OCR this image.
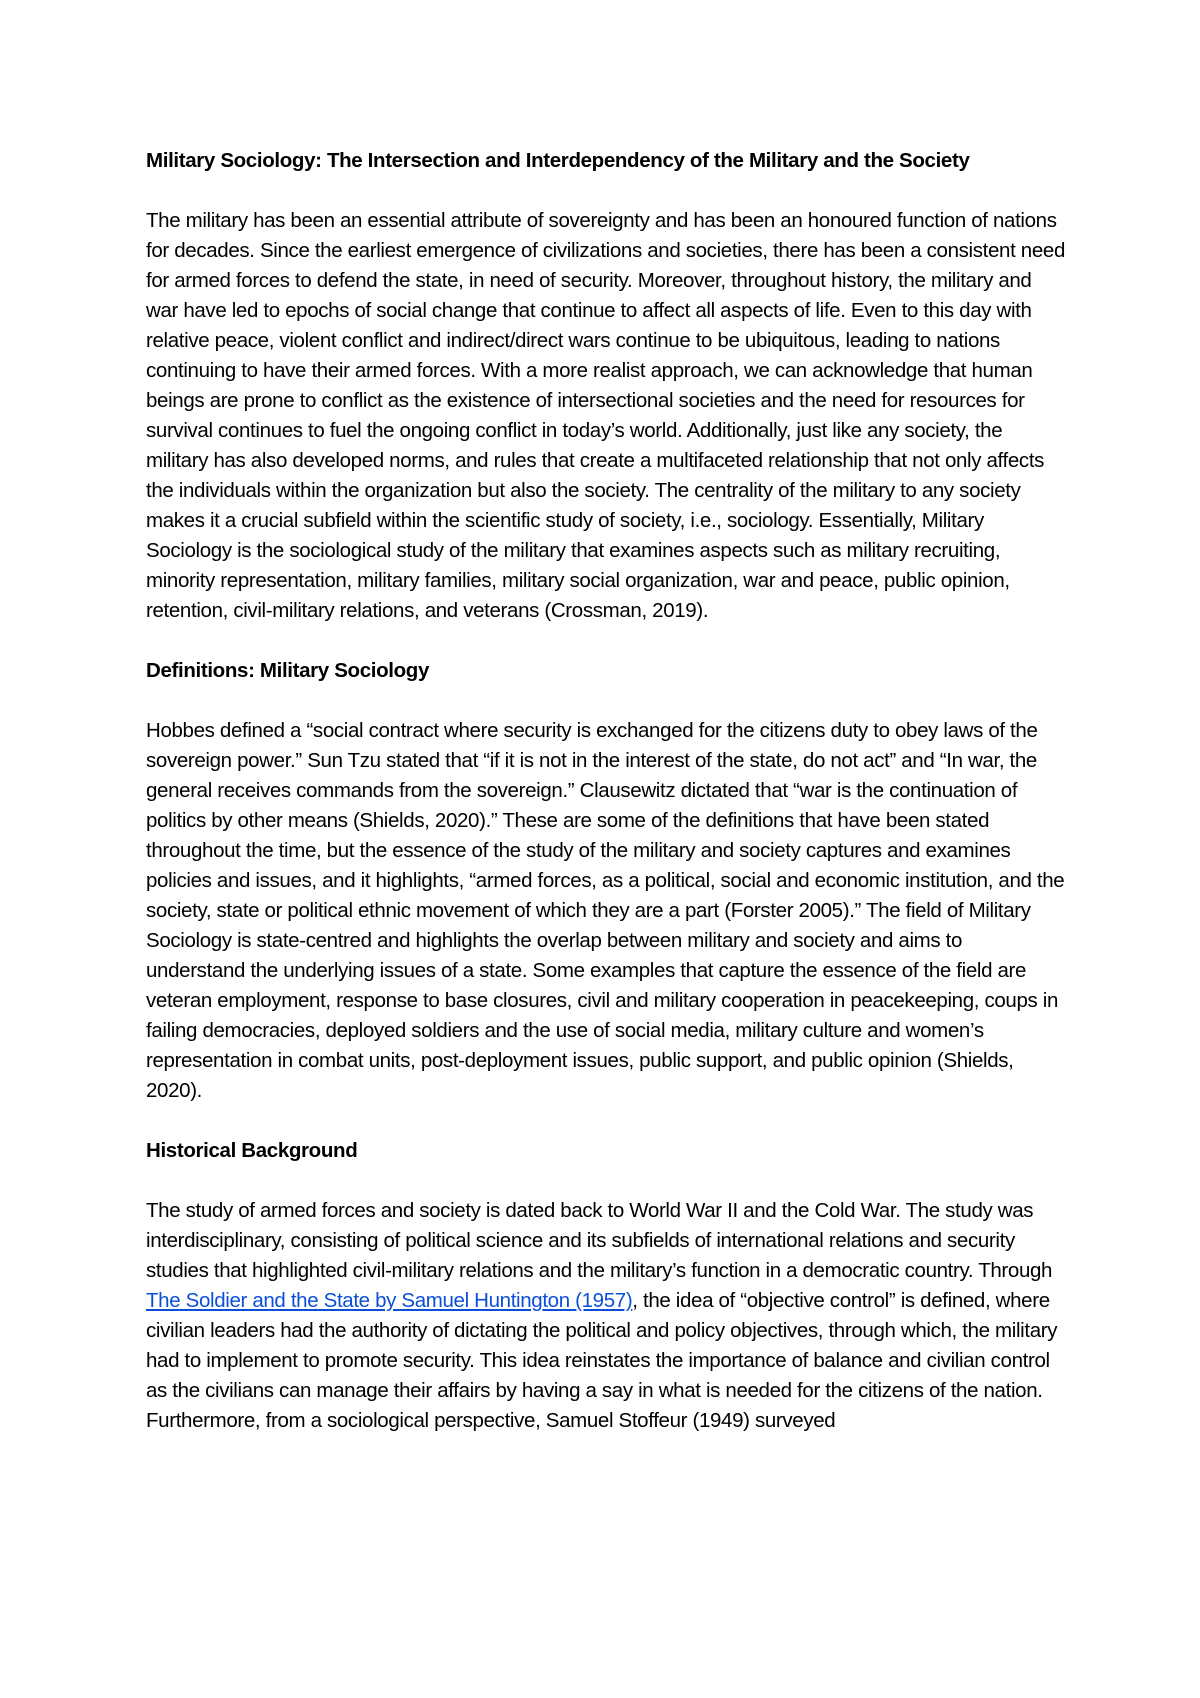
Military Sociology: The Intersection and Interdependency of the Military and the Society

The military has been an essential attribute of sovereignty and has been an honoured function of nations for decades. Since the earliest emergence of civilizations and societies, there has been a consistent need for armed forces to defend the state, in need of security. Moreover, throughout history, the military and war have led to epochs of social change that continue to affect all aspects of life. Even to this day with relative peace, violent conflict and indirect/direct wars continue to be ubiquitous, leading to nations continuing to have their armed forces. With a more realist approach, we can acknowledge that human beings are prone to conflict as the existence of intersectional societies and the need for resources for survival continues to fuel the ongoing conflict in today’s world. Additionally, just like any society, the military has also developed norms, and rules that create a multifaceted relationship that not only affects the individuals within the organization but also the society. The centrality of the military to any society makes it a crucial subfield within the scientific study of society, i.e., sociology. Essentially, Military Sociology is the sociological study of the military that examines aspects such as military recruiting, minority representation, military families, military social organization, war and peace, public opinion, retention, civil-military relations, and veterans (Crossman, 2019).

Definitions: Military Sociology

Hobbes defined a “social contract where security is exchanged for the citizens duty to obey laws of the sovereign power.” Sun Tzu stated that “if it is not in the interest of the state, do not act” and “In war, the general receives commands from the sovereign.” Clausewitz dictated that “war is the continuation of politics by other means (Shields, 2020).” These are some of the definitions that have been stated throughout the time, but the essence of the study of the military and society captures and examines policies and issues, and it highlights, “armed forces, as a political, social and economic institution, and the society, state or political ethnic movement of which they are a part (Forster 2005).” The field of Military Sociology is state-centred and highlights the overlap between military and society and aims to understand the underlying issues of a state. Some examples that capture the essence of the field are veteran employment, response to base closures, civil and military cooperation in peacekeeping, coups in failing democracies, deployed soldiers and the use of social media, military culture and women’s representation in combat units, post-deployment issues, public support, and public opinion (Shields, 2020).

Historical Background

The study of armed forces and society is dated back to World War II and the Cold War. The study was interdisciplinary, consisting of political science and its subfields of international relations and security studies that highlighted civil-military relations and the military’s function in a democratic country. Through The Soldier and the State by Samuel Huntington (1957), the idea of “objective control” is defined, where civilian leaders had the authority of dictating the political and policy objectives, through which, the military had to implement to promote security. This idea reinstates the importance of balance and civilian control as the civilians can manage their affairs by having a say in what is needed for the citizens of the nation. Furthermore, from a sociological perspective, Samuel Stoffeur (1949) surveyed
